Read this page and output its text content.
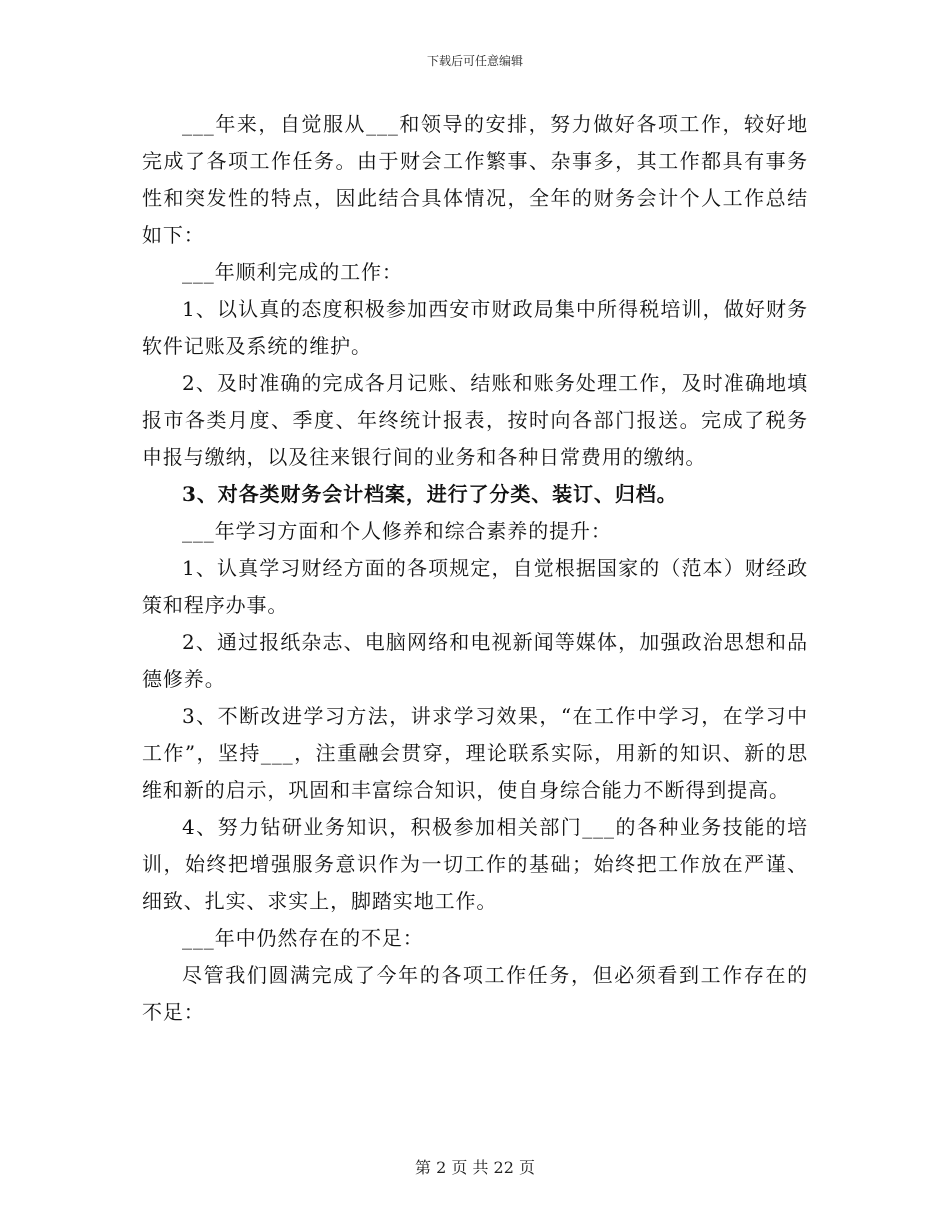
下载后可任意编辑

___年来，自觉服从___和领导的安排，努力做好各项工作，较好地完成了各项工作任务。由于财会工作繁事、杂事多，其工作都具有事务性和突发性的特点，因此结合具体情况，全年的财务会计个人工作总结如下：

___年顺利完成的工作：

1、以认真的态度积极参加西安市财政局集中所得税培训，做好财务软件记账及系统的维护。

2、及时准确的完成各月记账、结账和账务处理工作，及时准确地填报市各类月度、季度、年终统计报表，按时向各部门报送。完成了税务申报与缴纳，以及往来银行间的业务和各种日常费用的缴纳。

3、对各类财务会计档案，进行了分类、装订、归档。

___年学习方面和个人修养和综合素养的提升：

1、认真学习财经方面的各项规定，自觉根据国家的（范本）财经政策和程序办事。

2、通过报纸杂志、电脑网络和电视新闻等媒体，加强政治思想和品德修养。

3、不断改进学习方法，讲求学习效果，“在工作中学习，在学习中工作”，坚持___，注重融会贯穿，理论联系实际，用新的知识、新的思维和新的启示，巩固和丰富综合知识，使自身综合能力不断得到提高。

4、努力钻研业务知识，积极参加相关部门___的各种业务技能的培训，始终把增强服务意识作为一切工作的基础；始终把工作放在严谨、细致、扎实、求实上，脚踏实地工作。

___年中仍然存在的不足：

尽管我们圆满完成了今年的各项工作任务，但必须看到工作存在的不足：

第 2 页 共 22 页
